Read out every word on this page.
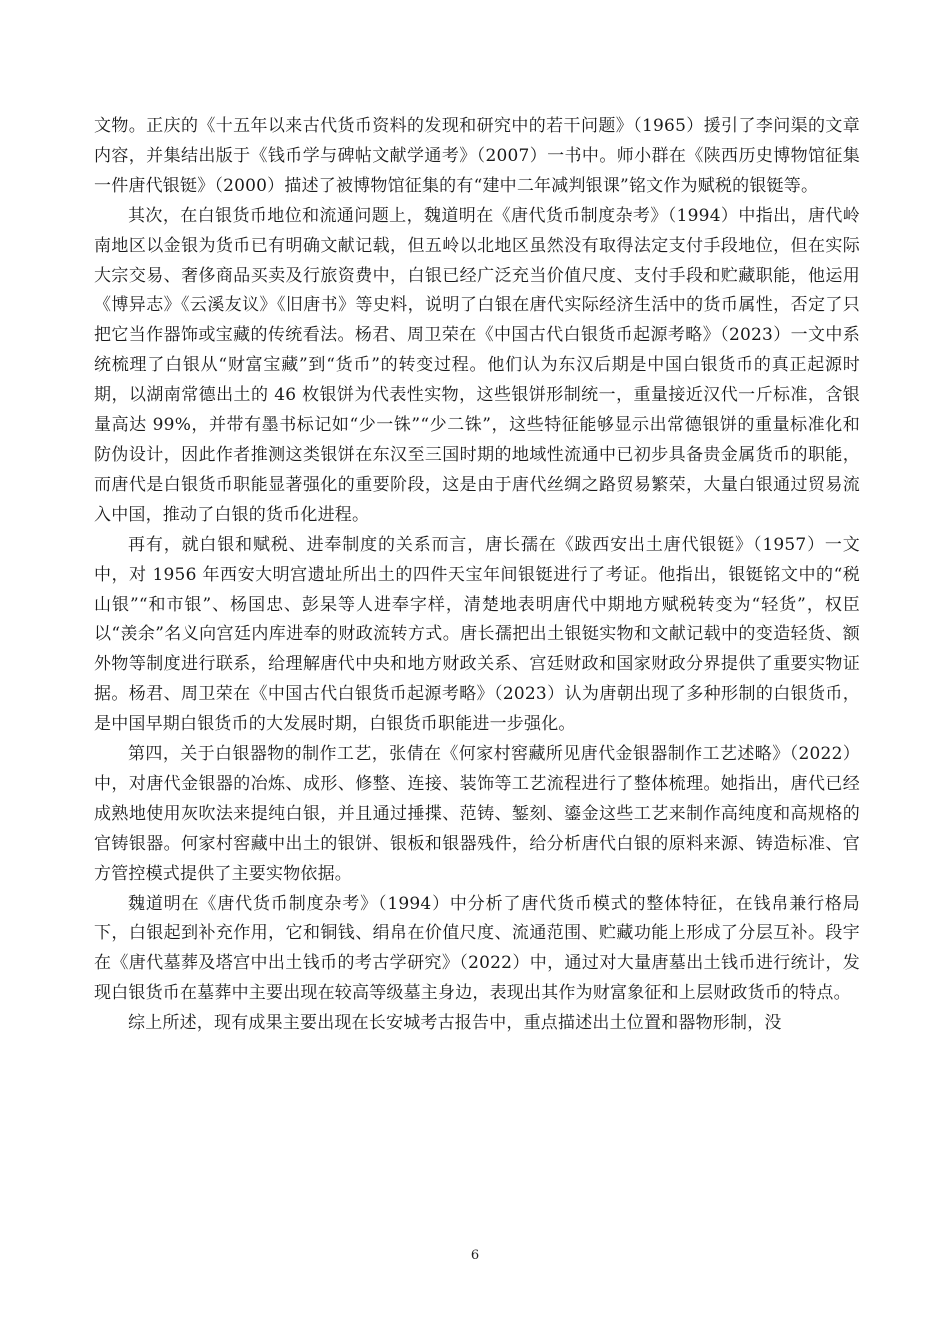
文物。正庆的《十五年以来古代货币资料的发现和研究中的若干问题》（1965）援引了李问渠的文章内容，并集结出版于《钱币学与碑帖文献学通考》（2007）一书中。师小群在《陕西历史博物馆征集一件唐代银铤》（2000）描述了被博物馆征集的有“建中二年减判银课”铭文作为赋税的银铤等。

其次，在白银货币地位和流通问题上，魏道明在《唐代货币制度杂考》（1994）中指出，唐代岭南地区以金银为货币已有明确文献记载，但五岭以北地区虽然没有取得法定支付手段地位，但在实际大宗交易、奢侈商品买卖及行旅资费中，白银已经广泛充当价值尺度、支付手段和贮藏职能，他运用《博异志》《云溪友议》《旧唐书》等史料，说明了白银在唐代实际经济生活中的货币属性，否定了只把它当作器饰或宝藏的传统看法。杨君、周卫荣在《中国古代白银货币起源考略》（2023）一文中系统梳理了白银从“财富宝藏”到“货币”的转变过程。他们认为东汉后期是中国白银货币的真正起源时期，以湖南常德出土的 46 枚银饼为代表性实物，这些银饼形制统一，重量接近汉代一斤标准，含银量高达 99%，并带有墨书标记如“少一铢”“少二铢”，这些特征能够显示出常德银饼的重量标准化和防伪设计，因此作者推测这类银饼在东汉至三国时期的地域性流通中已初步具备贵金属货币的职能，而唐代是白银货币职能显著强化的重要阶段，这是由于唐代丝绸之路贸易繁荣，大量白银通过贸易流入中国，推动了白银的货币化进程。

再有，就白银和赋税、进奉制度的关系而言，唐长孺在《跋西安出土唐代银铤》（1957）一文中，对 1956 年西安大明宫遗址所出土的四件天宝年间银铤进行了考证。他指出，银铤铭文中的“税山银”“和市银”、杨国忠、彭杲等人进奉字样，清楚地表明唐代中期地方赋税转变为“轻货”，权臣以“羡余”名义向宫廷内库进奉的财政流转方式。唐长孺把出土银铤实物和文献记载中的变造轻货、额外物等制度进行联系，给理解唐代中央和地方财政关系、宫廷财政和国家财政分界提供了重要实物证据。杨君、周卫荣在《中国古代白银货币起源考略》（2023）认为唐朝出现了多种形制的白银货币，是中国早期白银货币的大发展时期，白银货币职能进一步强化。

第四，关于白银器物的制作工艺，张倩在《何家村窖藏所见唐代金银器制作工艺述略》（2022）中，对唐代金银器的冶炼、成形、修整、连接、装饰等工艺流程进行了整体梳理。她指出，唐代已经成熟地使用灰吹法来提纯白银，并且通过捶揲、范铸、錾刻、鎏金这些工艺来制作高纯度和高规格的官铸银器。何家村窖藏中出土的银饼、银板和银器残件，给分析唐代白银的原料来源、铸造标准、官方管控模式提供了主要实物依据。

魏道明在《唐代货币制度杂考》（1994）中分析了唐代货币模式的整体特征，在钱帛兼行格局下，白银起到补充作用，它和铜钱、绢帛在价值尺度、流通范围、贮藏功能上形成了分层互补。段宇在《唐代墓葬及塔宫中出土钱币的考古学研究》（2022）中，通过对大量唐墓出土钱币进行统计，发现白银货币在墓葬中主要出现在较高等级墓主身边，表现出其作为财富象征和上层财政货币的特点。

综上所述，现有成果主要出现在长安城考古报告中，重点描述出土位置和器物形制，没

6
